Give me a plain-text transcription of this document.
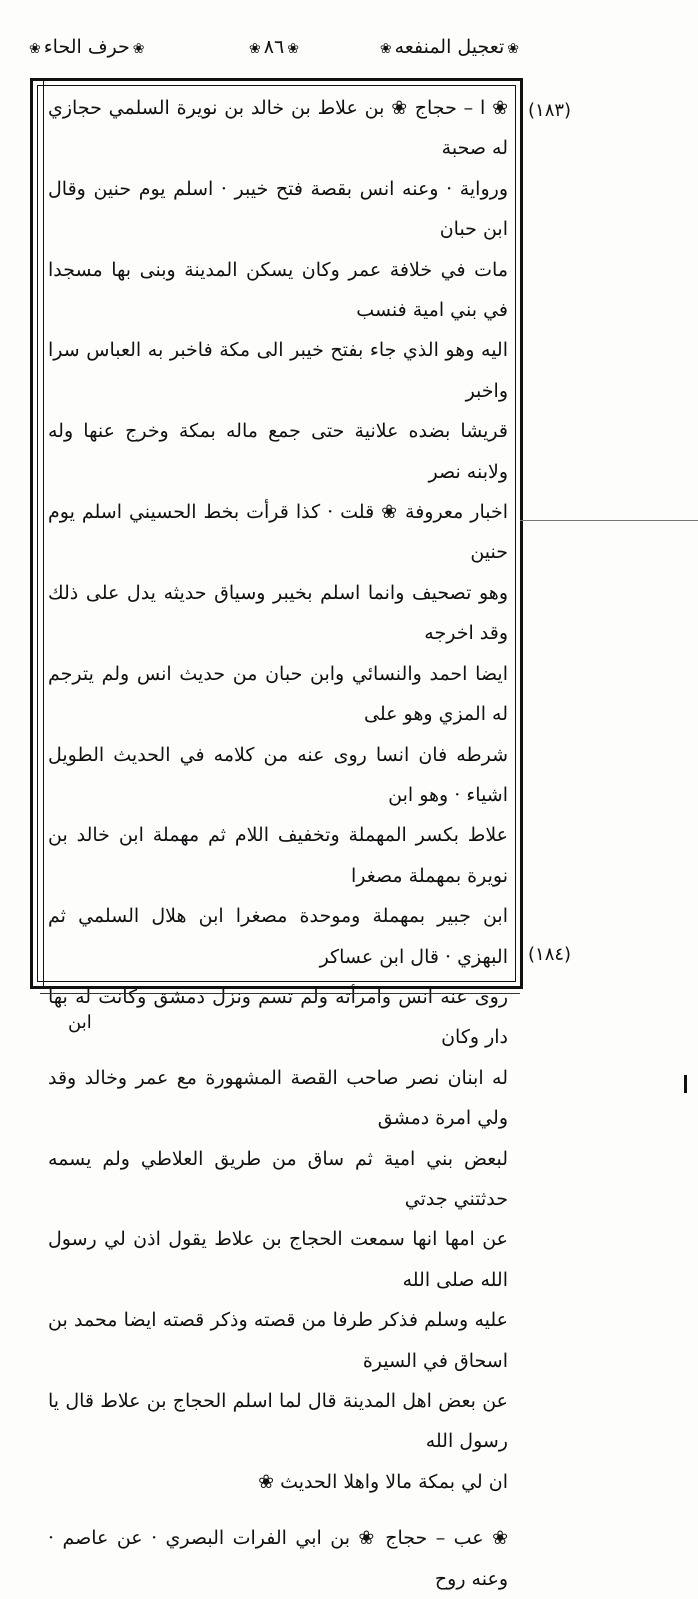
❀تعجيل المنفعه❀
❀٨٦❀
❀حرف الحاء❀
(١٨٣)
(١٨٤)
❀ ا – حجاج ❀ بن علاط بن خالد بن نويرة السلمي حجازي له صحبة
ورواية · وعنه انس بقصة فتح خيبر · اسلم يوم حنين وقال ابن حبان
مات في خلافة عمر وكان يسكن المدينة وبنى بها مسجدا في بني امية فنسب
اليه وهو الذي جاء بفتح خيبر الى مكة فاخبر به العباس سرا واخبر
قريشا بضده علانية حتى جمع ماله بمكة وخرج عنها وله ولابنه نصر
اخبار معروفة ❀ قلت · كذا قرأت بخط الحسيني اسلم يوم حنين
وهو تصحيف وانما اسلم بخيبر وسياق حديثه يدل على ذلك وقد اخرجه
ايضا احمد والنسائي وابن حبان من حديث انس ولم يترجم له المزي وهو على
شرطه فان انسا روى عنه من كلامه في الحديث الطويل اشياء · وهو ابن
علاط بكسر المهملة وتخفيف اللام ثم مهملة ابن خالد بن نويرة بمهملة مصغرا
ابن جبير بمهملة وموحدة مصغرا ابن هلال السلمي ثم البهزي · قال ابن عساكر
روى عنه انس وامرأته ولم تسم ونزل دمشق وكانت له بها دار وكان
له ابنان نصر صاحب القصة المشهورة مع عمر وخالد وقد ولي امرة دمشق
لبعض بني امية ثم ساق من طريق العلاطي ولم يسمه حدثتني جدتي
عن امها انها سمعت الحجاج بن علاط يقول اذن لي رسول الله صلى الله
عليه وسلم فذكر طرفا من قصته وذكر قصته ايضا محمد بن اسحاق في السيرة
عن بعض اهل المدينة قال لما اسلم الحجاج بن علاط قال يا رسول الله
ان لي بمكة مالا واهلا الحديث ❀
❀ عب – حجاج ❀ بن ابي الفرات البصري · عن عاصم · وعنه روح
ابن
